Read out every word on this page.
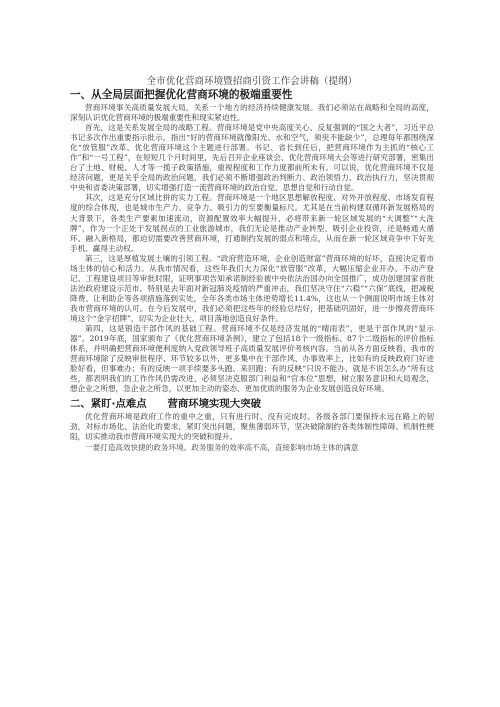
全市优化营商环境暨招商引资工作会讲稿（提纲）
一、从全局层面把握优化营商环境的极端重要性

营商环境事关高质量发展大局，关系一个地方的经济持续健康发展。我们必须站在战略和全局的高度，深刻认识优化营商环境的极端重要性和现实紧迫性。

首先，这是关系发展全局的战略工程。营商环境是党中央高度关心、反复强调的“国之大者”，习近平总书记多次作出重要指示批示，指出“好的营商环境就像阳光、水和空气，须臾不能缺少”，总理每年都围绕深化“放管服”改革、优化营商环境这个主题进行部署。书记、省长到任后，把营商环境作为主抓的“核心工作”和“一号工程”，在短短几个月时间里，先后召开企业座谈会、优化营商环境大会等进行研究部署，密集出台了土地、财税、人才等一揽子政策措施，重视程度和工作力度都前所未有。可以说，优化营商环境不仅是经济问题，更是关乎全局的政治问题，我们必须不断增强政治判断力、政治领悟力、政治执行力，坚决贯彻中央和省委决策部署，切实增强打造一流营商环境的政治自觉、思想自觉和行动自觉。

其次，这是充分区域比拼的实力工程。营商环境是一个地区思想解放程度、对外开放程度、市场发育程度的综合体现，也是城市生产力、竞争力、吸引力的至要衡量标尺。尤其是在当前构建双循环新发展格局的大背景下，各类生产要素加速流动，资源配置效率大幅提升，必将带来新一轮区域发展的“大调整”“大洗牌”，作为一个正处于发展拐点的工业旅游城市，我们无论是推动产业转型、吸引企业投资，还是畅通大循环、融入新格局，都迫切需要改善营商环境，打通制约发展的弱点和堵点，从而在新一轮区域竞争中下好先手机、赢得主动权。

第三，这是厚植发展土壤的引领工程。“政府营造环境，企业创造财富”营商环境的好坏，直接决定着市场主体的信心和活力。从我市情况看，这些年我们大力深化“放管服”改革，大幅压缩企业开办、不动产登记、工程建设项目等审批时限，证明事项告知承诺制经验被中央依法治国办向全国推广，成功创建国家首批法治政府建设示范市。特别是去年面对新冠肺炎疫情的严重冲击，我们坚决守住“六稳”“六保”底线，把减税降费、让利助企等各项措施落到实处，全年各类市场主体逆势增长11.4%，这也从一个侧面说明市场主体对我市营商环境的认可。在今后发展中，我们必须把这些年的经验总结好，把基础巩固好，进一步擦亮营商环境这个“金字招牌”，切实为企业壮大、项目落地创造良好条件。

第四，这是锻造干部作风的基础工程。营商环境不仅是经济发展的“晴雨表”，更是干部作风的“显示器”。2019年底，国家颁布了《优化营商环境条例》，建立了包括18个一级指标、87个二级指标的评价指标体系，并明确把营商环境便利度纳入党政领导班子高质量发展评价考核内容。当前从各方面反映看，我市的营商环境除了反映审批程序、环节较多以外，更多集中在干部作风、办事效率上，比如有的反映政府门好进脸好看，但事难办；有的反映一项手续要多头跑、来回跑；有的反映“只说不能办，就是不说怎么办”所有这些，都表明我们的工作作风仍需改进，必须坚决克服部门利益和“官本位”思想，树立服务意识和大局观念，想企业之所想，急企业之所急，以更加主动的姿态、更加优质的服务为企业发展创造良好环境。

二、紧盯·点难点　　营商环境实现大突破

优化营商环境是政府工作的重中之重，只有进行时、没有完成时。各级各部门要保持永远在路上的韧劲，对标市场化、法治化的要求，紧盯突出问题，聚焦薄弱环节，坚决破除制约各类体制性障碍、机制性梗阻，切实推动我市营商环境实现大的突破和提升。

一要打造高效快捷的政务环境。政务服务的效率高不高，直接影响市场主体的满意
